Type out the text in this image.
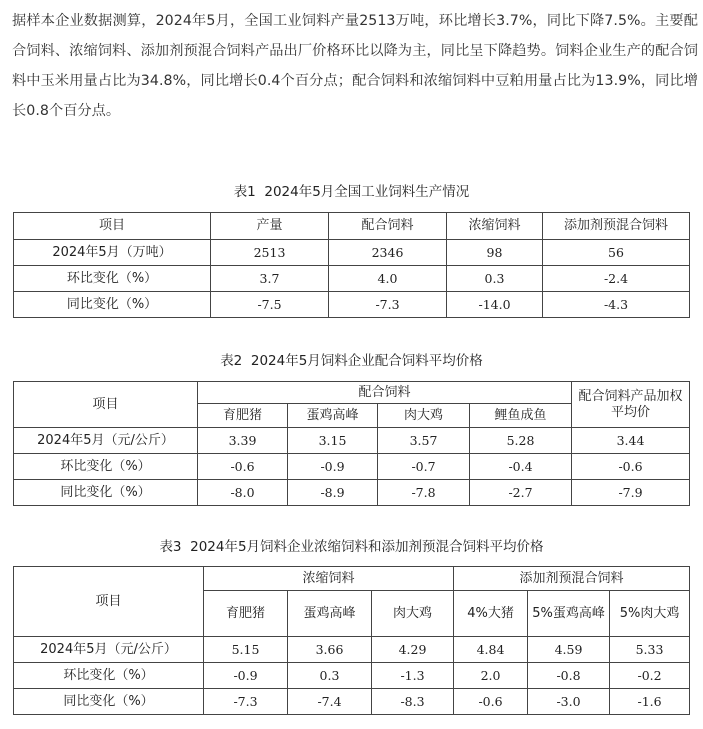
据样本企业数据测算，2024年5月，全国工业饲料产量2513万吨，环比增长3.7%，同比下降7.5%。主要配合饲料、浓缩饲料、添加剂预混合饲料产品出厂价格环比以降为主，同比呈下降趋势。饲料企业生产的配合饲料中玉米用量占比为34.8%，同比增长0.4个百分点；配合饲料和浓缩饲料中豆粕用量占比为13.9%，同比增长0.8个百分点。
表1  2024年5月全国工业饲料生产情况
项目	产量	配合饲料	浓缩饲料	添加剂预混合饲料
2024年5月（万吨）	2513	2346	98	56
环比变化（%）	3.7	4.0	0.3	-2.4
同比变化（%）	-7.5	-7.3	-14.0	-4.3
表2  2024年5月饲料企业配合饲料平均价格
项目	配合饲料				配合饲料产品加权平均价
	育肥猪	蛋鸡高峰	肉大鸡	鲤鱼成鱼	
2024年5月（元/公斤）	3.39	3.15	3.57	5.28	3.44
环比变化（%）	-0.6	-0.9	-0.7	-0.4	-0.6
同比变化（%）	-8.0	-8.9	-7.8	-2.7	-7.9
表3  2024年5月饲料企业浓缩饲料和添加剂预混合饲料平均价格
项目	浓缩饲料			添加剂预混合饲料		
	育肥猪	蛋鸡高峰	肉大鸡	4%大猪	5%蛋鸡高峰	5%肉大鸡
2024年5月（元/公斤）	5.15	3.66	4.29	4.84	4.59	5.33
环比变化（%）	-0.9	0.3	-1.3	2.0	-0.8	-0.2
同比变化（%）	-7.3	-7.4	-8.3	-0.6	-3.0	-1.6
